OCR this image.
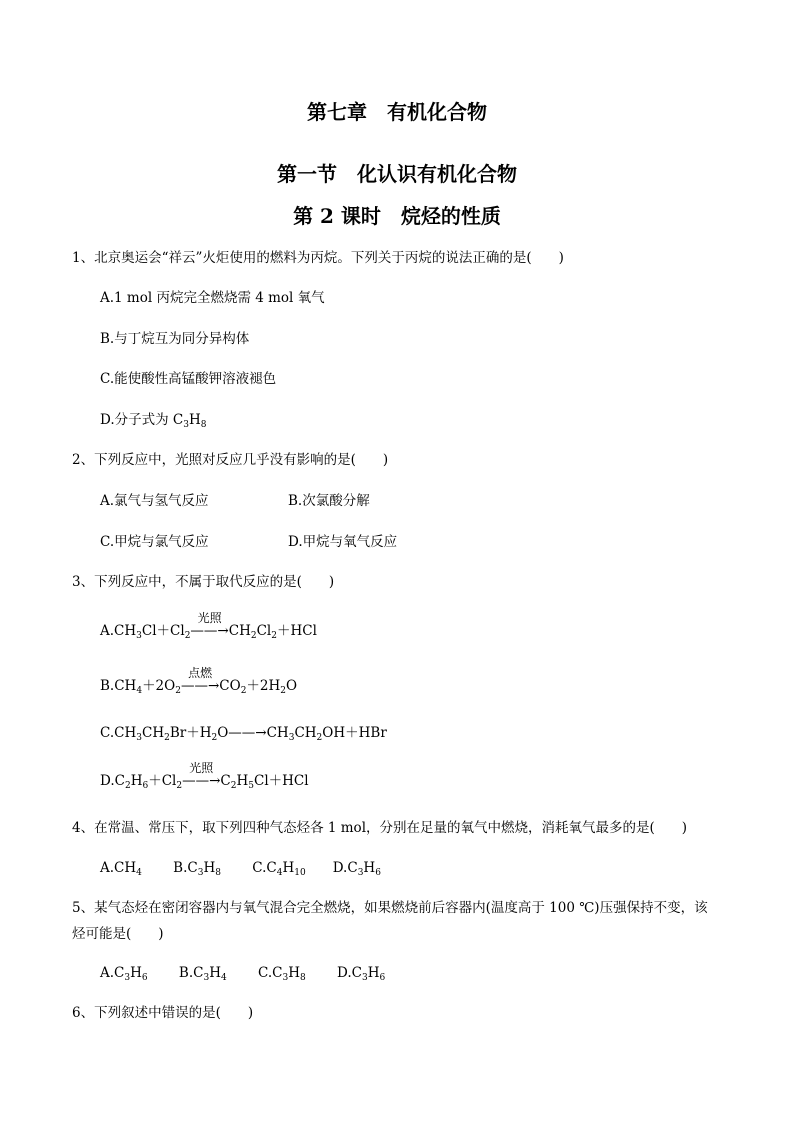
第七章　有机化合物
第一节　化认识有机化合物
第 2 课时　烷烃的性质
1、北京奥运会“祥云”火炬使用的燃料为丙烷。下列关于丙烷的说法正确的是(　　)
A.1 mol 丙烷完全燃烧需 4 mol 氧气
B.与丁烷互为同分异构体
C.能使酸性高锰酸钾溶液褪色
D.分子式为 $C_3H_8$
2、下列反应中，光照对反应几乎没有影响的是(　　)
A.氯气与氢气反应	B.次氯酸分解
C.甲烷与氯气反应	D.甲烷与氧气反应
3、下列反应中，不属于取代反应的是(　　)
$A.CH_3Cl+Cl_2$
光照
$——\to CH_2Cl_2+HCl$
$B.CH_4+2O_2$
点燃
$——\to CO_2+2H_2O$
$C.CH_3CH_2Br+H_2O——\to CH_3CH_2OH+HBr$
$D.C_2H_6+Cl_2$
光照
$——\to C_2H_5Cl+HCl$
4、在常温、常压下，取下列四种气态烃各 1 mol，分别在足量的氧气中燃烧，消耗氧气最多的是(　　)
$A.CH_4$　　 $B.C_3H_8$　　 $C.C_4H_{10}$　　$D.C_3H_6$
5、某气态烃在密闭容器内与氧气混合完全燃烧，如果燃烧前后容器内(温度高于 100 ℃)压强保持不变，该
烃可能是(　　)
$A.C_3H_6$　　 $B.C_3H_4$　　 $C.C_3H_8$　　 $D.C_3H_6$
6、下列叙述中错误的是(　　)
